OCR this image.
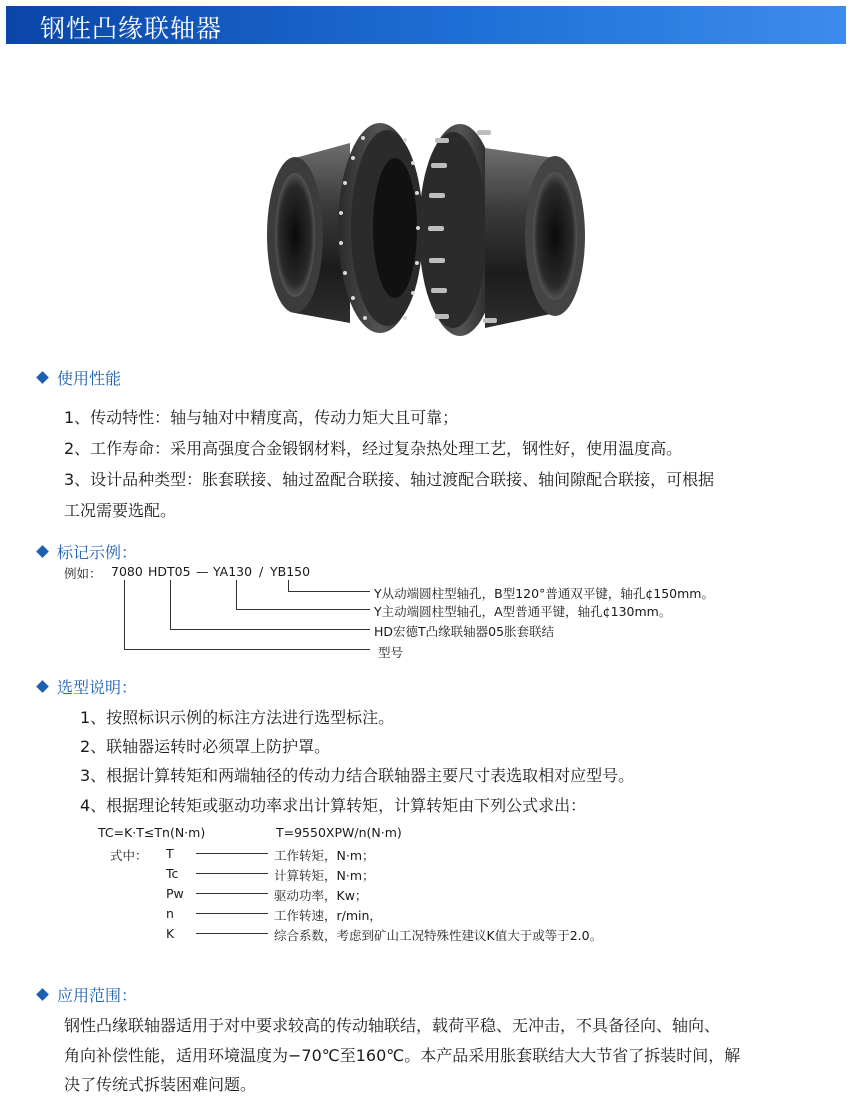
钢性凸缘联轴器
使用性能
1、传动特性：轴与轴对中精度高，传动力矩大且可靠；
2、工作寿命：采用高强度合金锻钢材料，经过复杂热处理工艺，钢性好，使用温度高。
3、设计品种类型：胀套联接、轴过盈配合联接、轴过渡配合联接、轴间隙配合联接，可根据
工况需要选配。
标记示例：
例如： 7080 HDT05 — YA130 / YB150
Y从动端圆柱型轴孔，B型120°普通双平键，轴孔¢150mm。
Y主动端圆柱型轴孔，A型普通平键，轴孔¢130mm。
HD宏德T凸缘联轴器05胀套联结
型号
选型说明：
1、按照标识示例的标注方法进行选型标注。
2、联轴器运转时必须罩上防护罩。
3、根据计算转矩和两端轴径的传动力结合联轴器主要尺寸表选取相对应型号。
4、根据理论转矩或驱动功率求出计算转矩，计算转矩由下列公式求出：
TC=K·T≤Tn(N·m)	T=9550XPW/n(N·m)
式中： T	工作转矩，N·m；
Tc	计算转矩，N·m；
Pw	驱动功率，Kw；
n	工作转速，r/min，
K	综合系数，考虑到矿山工况特殊性建议K值大于或等于2.0。
应用范围：
钢性凸缘联轴器适用于对中要求较高的传动轴联结，载荷平稳、无冲击，不具备径向、轴向、
角向补偿性能，适用环境温度为−70℃至160℃。本产品采用胀套联结大大节省了拆装时间，解
决了传统式拆装困难问题。
